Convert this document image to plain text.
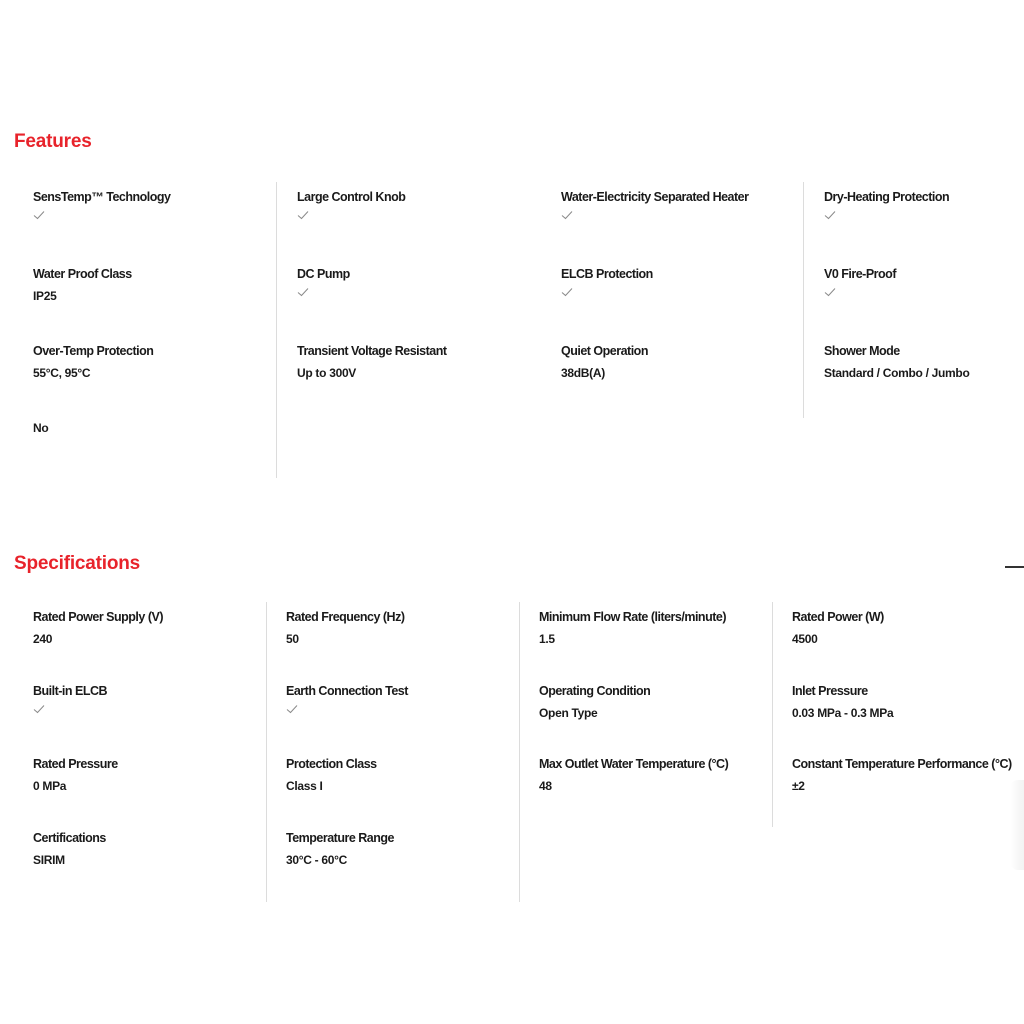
Features
SensTemp™ Technology
Water Proof Class
IP25
Over-Temp Protection
55°C, 95°C
No
Large Control Knob
DC Pump
Transient Voltage Resistant
Up to 300V
Water-Electricity Separated Heater
ELCB Protection
Quiet Operation
38dB(A)
Dry-Heating Protection
V0 Fire-Proof
Shower Mode
Standard / Combo / Jumbo
Specifications
Rated Power Supply (V)
240
Built-in ELCB
Rated Pressure
0 MPa
Certifications
SIRIM
Rated Frequency (Hz)
50
Earth Connection Test
Protection Class
Class I
Temperature Range
30°C - 60°C
Minimum Flow Rate (liters/minute)
1.5
Operating Condition
Open Type
Max Outlet Water Temperature (°C)
48
Rated Power (W)
4500
Inlet Pressure
0.03 MPa - 0.3 MPa
Constant Temperature Performance (°C)
±2
